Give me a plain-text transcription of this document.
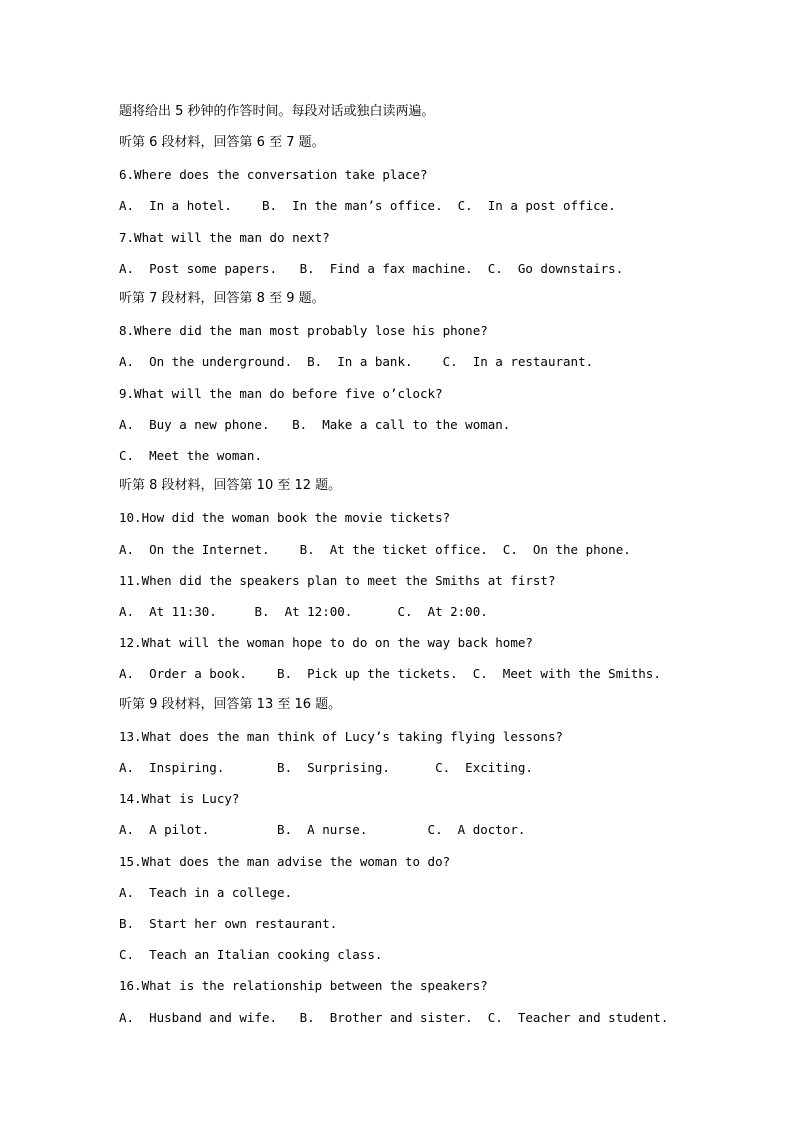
题将给出 5 秒钟的作答时间。每段对话或独白读两遍。
听第 6 段材料，回答第 6 至 7 题。
6.Where does the conversation take place?
A.  In a hotel.    B.  In the man’s office.  C.  In a post office.
7.What will the man do next?
A.  Post some papers.   B.  Find a fax machine.  C.  Go downstairs.
听第 7 段材料，回答第 8 至 9 题。
8.Where did the man most probably lose his phone?
A.  On the underground.  B.  In a bank.    C.  In a restaurant.
9.What will the man do before five o’clock?
A.  Buy a new phone.   B.  Make a call to the woman.
C.  Meet the woman.
听第 8 段材料，回答第 10 至 12 题。
10.How did the woman book the movie tickets?
A.  On the Internet.    B.  At the ticket office.  C.  On the phone.
11.When did the speakers plan to meet the Smiths at first?
A.  At 11:30.     B.  At 12:00.      C.  At 2:00.
12.What will the woman hope to do on the way back home?
A.  Order a book.    B.  Pick up the tickets.  C.  Meet with the Smiths.
听第 9 段材料，回答第 13 至 16 题。
13.What does the man think of Lucy’s taking flying lessons?
A.  Inspiring.       B.  Surprising.      C.  Exciting.
14.What is Lucy?
A.  A pilot.         B.  A nurse.        C.  A doctor.
15.What does the man advise the woman to do?
A.  Teach in a college.
B.  Start her own restaurant.
C.  Teach an Italian cooking class.
16.What is the relationship between the speakers?
A.  Husband and wife.   B.  Brother and sister.  C.  Teacher and student.
